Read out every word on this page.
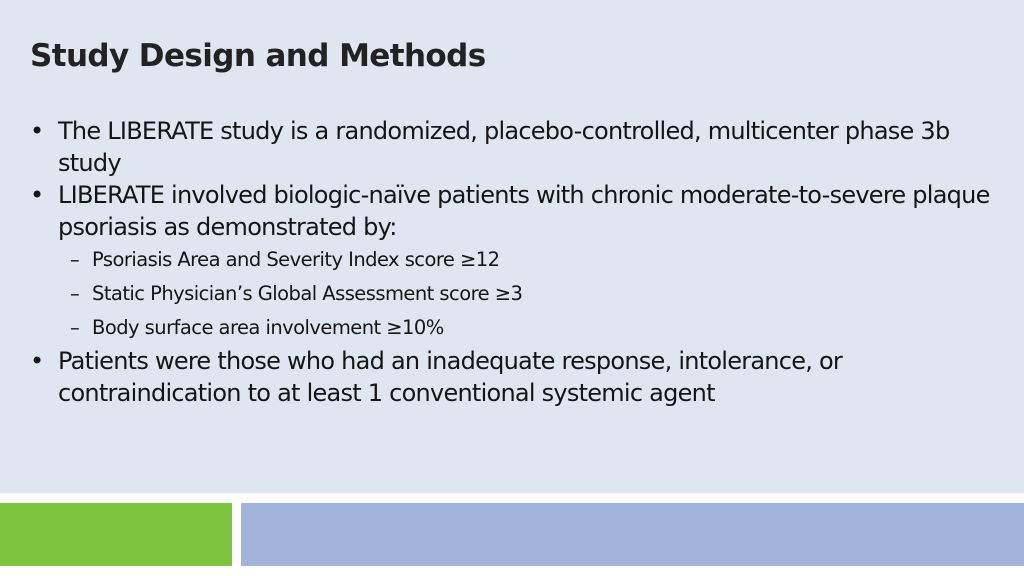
Study Design and Methods
• The LIBERATE study is a randomized, placebo-controlled, multicenter phase 3b study
• LIBERATE involved biologic-naïve patients with chronic moderate-to-severe plaque psoriasis as demonstrated by:
– Psoriasis Area and Severity Index score ≥12
– Static Physician’s Global Assessment score ≥3
– Body surface area involvement ≥10%
• Patients were those who had an inadequate response, intolerance, or contraindication to at least 1 conventional systemic agent
